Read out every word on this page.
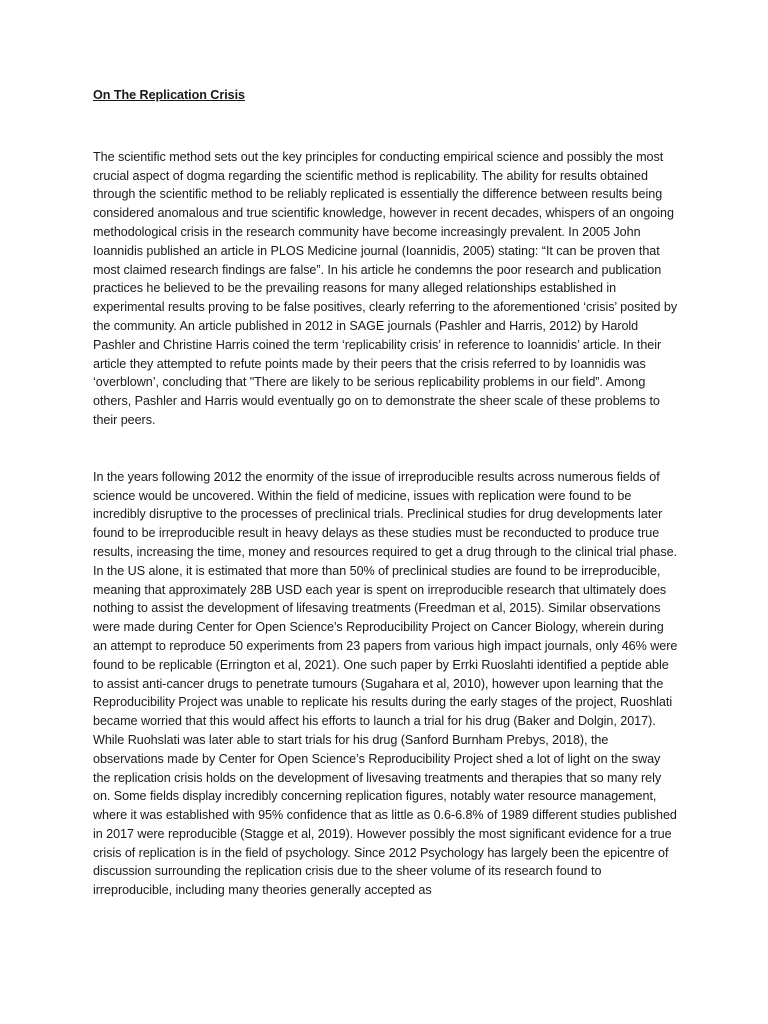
On The Replication Crisis

The scientific method sets out the key principles for conducting empirical science and possibly the most crucial aspect of dogma regarding the scientific method is replicability. The ability for results obtained through the scientific method to be reliably replicated is essentially the difference between results being considered anomalous and true scientific knowledge, however in recent decades, whispers of an ongoing methodological crisis in the research community have become increasingly prevalent. In 2005 John Ioannidis published an article in PLOS Medicine journal (Ioannidis, 2005) stating: “It can be proven that most claimed research findings are false”. In his article he condemns the poor research and publication practices he believed to be the prevailing reasons for many alleged relationships established in experimental results proving to be false positives, clearly referring to the aforementioned ‘crisis’ posited by the community. An article published in 2012 in SAGE journals (Pashler and Harris, 2012) by Harold Pashler and Christine Harris coined the term ‘replicability crisis’ in reference to Ioannidis’ article. In their article they attempted to refute points made by their peers that the crisis referred to by Ioannidis was ‘overblown’, concluding that "There are likely to be serious replicability problems in our field”. Among others, Pashler and Harris would eventually go on to demonstrate the sheer scale of these problems to their peers.

In the years following 2012 the enormity of the issue of irreproducible results across numerous fields of science would be uncovered. Within the field of medicine, issues with replication were found to be incredibly disruptive to the processes of preclinical trials. Preclinical studies for drug developments later found to be irreproducible result in heavy delays as these studies must be reconducted to produce true results, increasing the time, money and resources required to get a drug through to the clinical trial phase. In the US alone, it is estimated that more than 50% of preclinical studies are found to be irreproducible, meaning that approximately 28B USD each year is spent on irreproducible research that ultimately does nothing to assist the development of lifesaving treatments (Freedman et al, 2015). Similar observations were made during Center for Open Science’s Reproducibility Project on Cancer Biology, wherein during an attempt to reproduce 50 experiments from 23 papers from various high impact journals, only 46% were found to be replicable (Errington et al, 2021). One such paper by Errki Ruoslahti identified a peptide able to assist anti-cancer drugs to penetrate tumours (Sugahara et al, 2010), however upon learning that the Reproducibility Project was unable to replicate his results during the early stages of the project, Ruoshlati became worried that this would affect his efforts to launch a trial for his drug (Baker and Dolgin, 2017). While Ruohslati was later able to start trials for his drug (Sanford Burnham Prebys, 2018), the observations made by Center for Open Science’s Reproducibility Project shed a lot of light on the sway the replication crisis holds on the development of livesaving treatments and therapies that so many rely on. Some fields display incredibly concerning replication figures, notably water resource management, where it was established with 95% confidence that as little as 0.6-6.8% of 1989 different studies published in 2017 were reproducible (Stagge et al, 2019). However possibly the most significant evidence for a true crisis of replication is in the field of psychology. Since 2012 Psychology has largely been the epicentre of discussion surrounding the replication crisis due to the sheer volume of its research found to irreproducible, including many theories generally accepted as
